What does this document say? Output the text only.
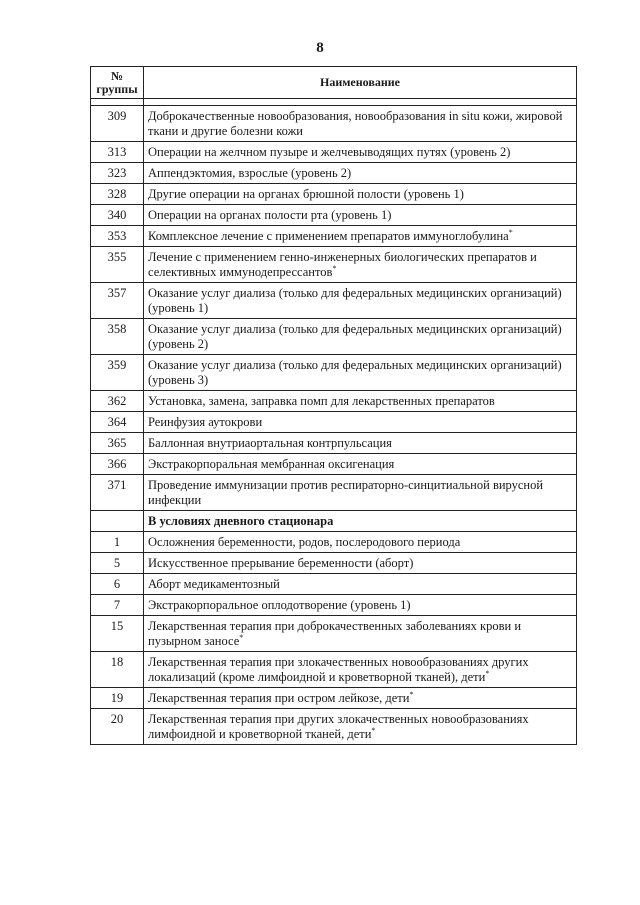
8
№ группы	Наименование

309	Доброкачественные новообразования, новообразования in situ кожи, жировой ткани и другие болезни кожи
313	Операции на желчном пузыре и желчевыводящих путях (уровень 2)
323	Аппендэктомия, взрослые (уровень 2)
328	Другие операции на органах брюшной полости (уровень 1)
340	Операции на органах полости рта (уровень 1)
353	Комплексное лечение с применением препаратов иммуноглобулина*
355	Лечение с применением генно-инженерных биологических препаратов и селективных иммунодепрессантов*
357	Оказание услуг диализа (только для федеральных медицинских организаций) (уровень 1)
358	Оказание услуг диализа (только для федеральных медицинских организаций) (уровень 2)
359	Оказание услуг диализа (только для федеральных медицинских организаций) (уровень 3)
362	Установка, замена, заправка помп для лекарственных препаратов
364	Реинфузия аутокрови
365	Баллонная внутриаортальная контрпульсация
366	Экстракорпоральная мембранная оксигенация
371	Проведение иммунизации против респираторно-синцитиальной вирусной инфекции
	В условиях дневного стационара
1	Осложнения беременности, родов, послеродового периода
5	Искусственное прерывание беременности (аборт)
6	Аборт медикаментозный
7	Экстракорпоральное оплодотворение (уровень 1)
15	Лекарственная терапия при доброкачественных заболеваниях крови и пузырном заносе*
18	Лекарственная терапия при злокачественных новообразованиях других локализаций (кроме лимфоидной и кроветворной тканей), дети*
19	Лекарственная терапия при остром лейкозе, дети*
20	Лекарственная терапия при других злокачественных новообразованиях лимфоидной и кроветворной тканей, дети*
